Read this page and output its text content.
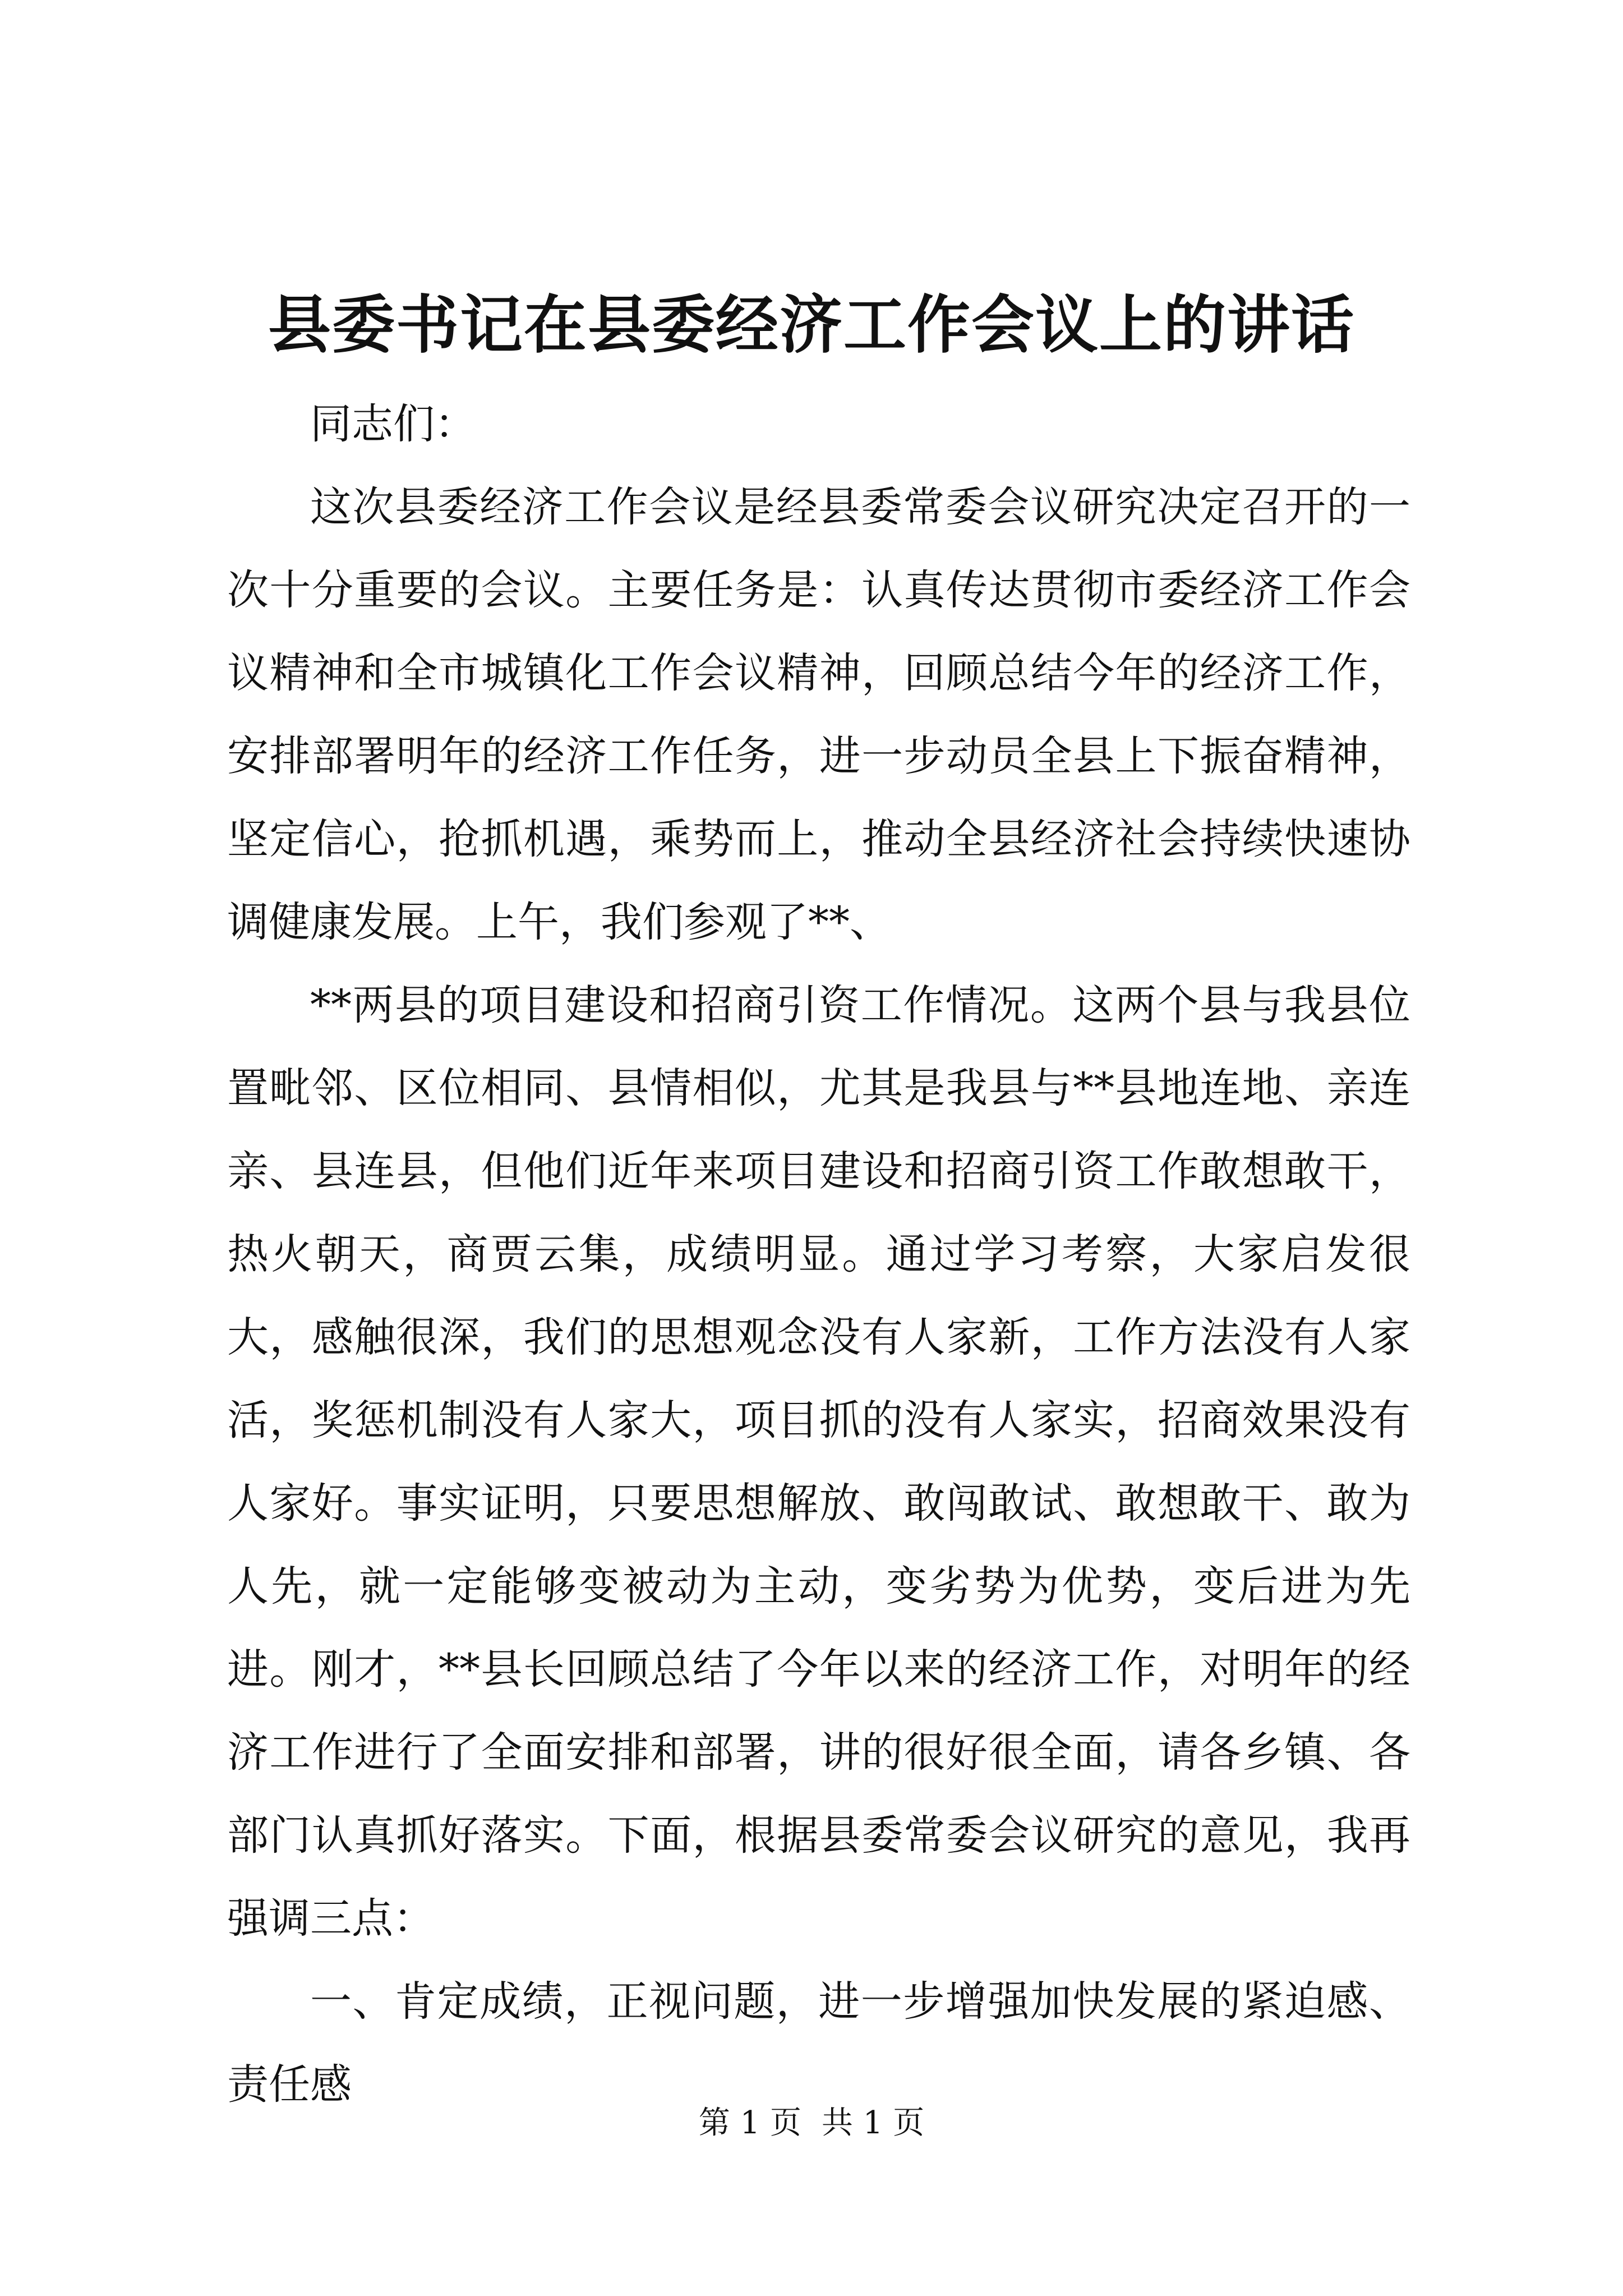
县委书记在县委经济工作会议上的讲话

同志们：

这次县委经济工作会议是经县委常委会议研究决定召开的一次十分重要的会议。主要任务是：认真传达贯彻市委经济工作会议精神和全市城镇化工作会议精神，回顾总结今年的经济工作，安排部署明年的经济工作任务，进一步动员全县上下振奋精神，坚定信心，抢抓机遇，乘势而上，推动全县经济社会持续快速协调健康发展。上午，我们参观了**、

**两县的项目建设和招商引资工作情况。这两个县与我县位置毗邻、区位相同、县情相似，尤其是我县与**县地连地、亲连亲、县连县，但他们近年来项目建设和招商引资工作敢想敢干，热火朝天，商贾云集，成绩明显。通过学习考察，大家启发很大，感触很深，我们的思想观念没有人家新，工作方法没有人家活，奖惩机制没有人家大，项目抓的没有人家实，招商效果没有人家好。事实证明，只要思想解放、敢闯敢试、敢想敢干、敢为人先，就一定能够变被动为主动，变劣势为优势，变后进为先进。刚才，**县长回顾总结了今年以来的经济工作，对明年的经济工作进行了全面安排和部署，讲的很好很全面，请各乡镇、各部门认真抓好落实。下面，根据县委常委会议研究的意见，我再强调三点：

一、肯定成绩，正视问题，进一步增强加快发展的紧迫感、责任感

第 1 页 共 1 页
